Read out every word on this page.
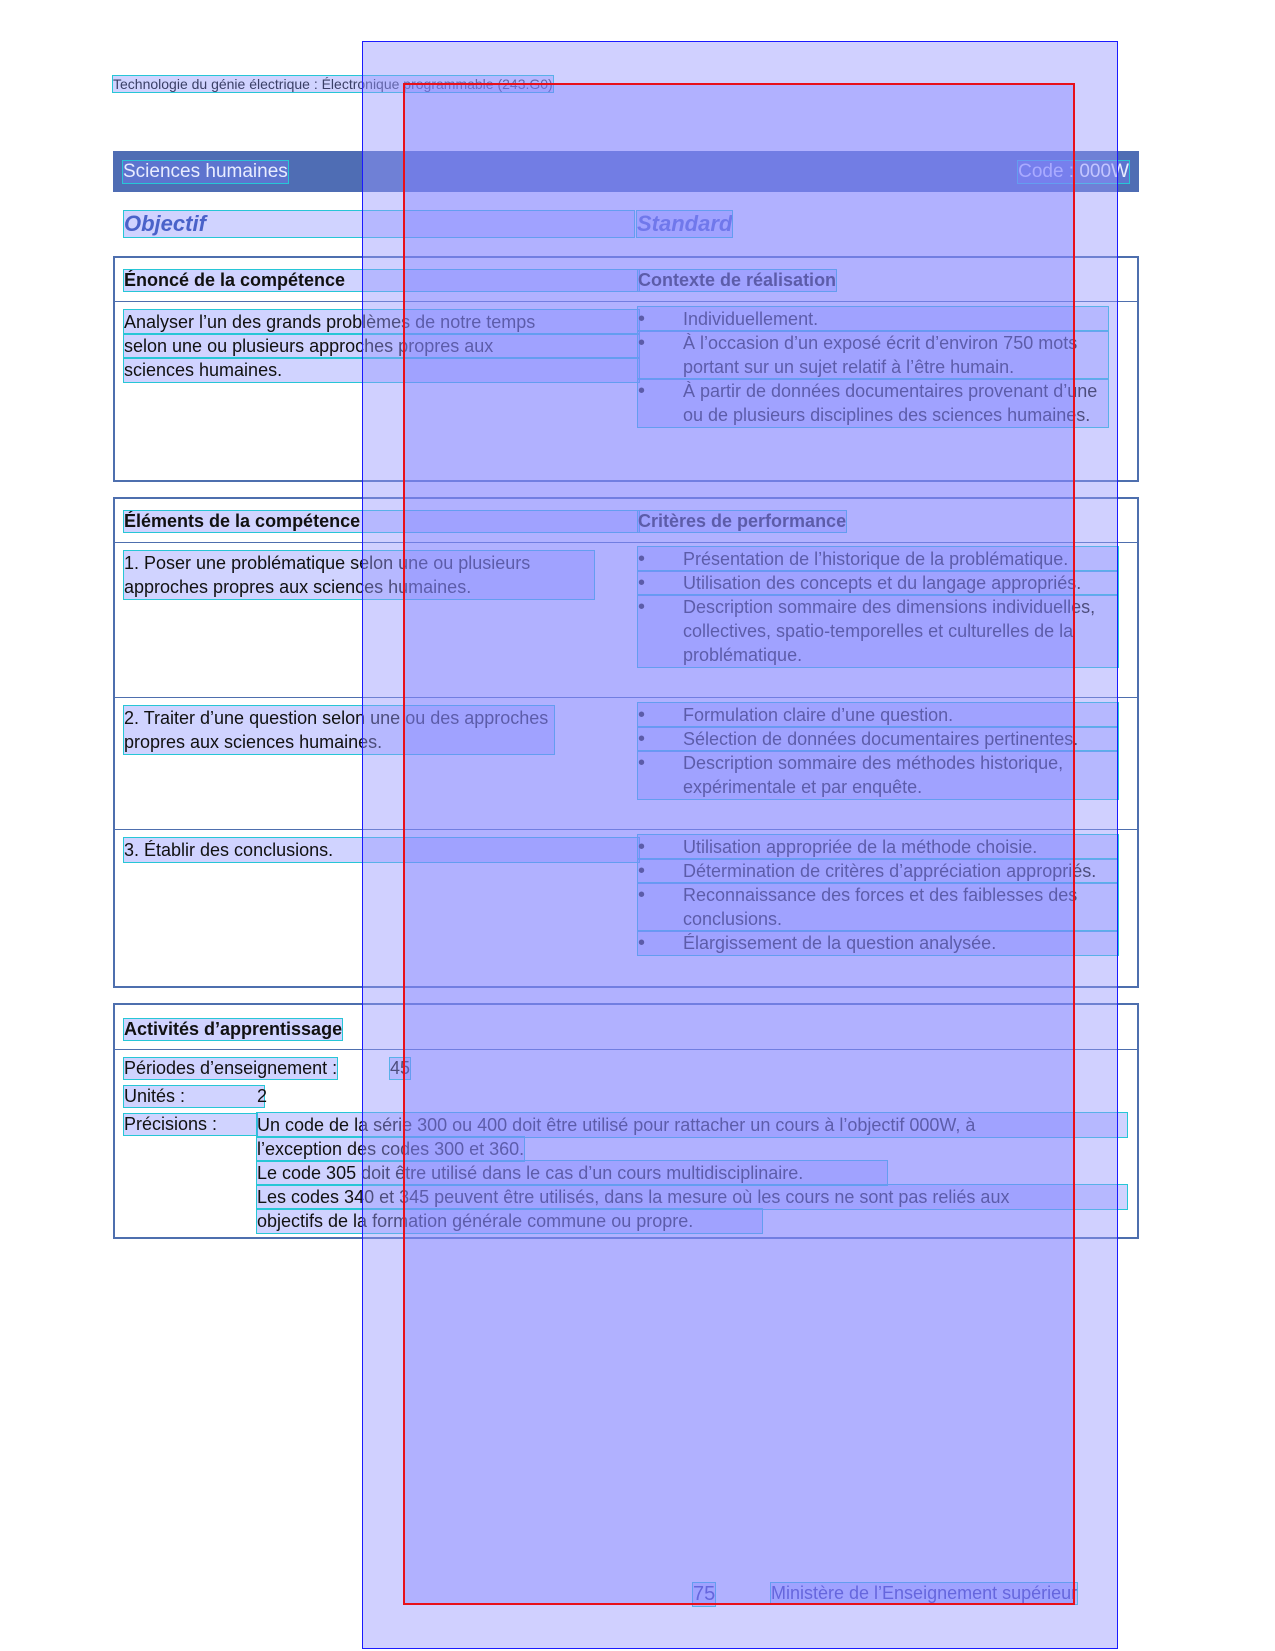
Technologie du génie électrique : Électronique programmable (243.G0)
Sciences humaines	Code : 000W
Objectif	Standard
Énoncé de la compétence	Contexte de réalisation
Analyser l’un des grands problèmes de notre temps
selon une ou plusieurs approches propres aux
sciences humaines.
• Individuellement.
• À l’occasion d’un exposé écrit d’environ 750 mots portant sur un sujet relatif à l’être humain.
• À partir de données documentaires provenant d’une ou de plusieurs disciplines des sciences humaines.
Éléments de la compétence	Critères de performance
1. Poser une problématique selon une ou plusieurs approches propres aux sciences humaines.
• Présentation de l’historique de la problématique.
• Utilisation des concepts et du langage appropriés.
• Description sommaire des dimensions individuelles, collectives, spatio-temporelles et culturelles de la problématique.
2. Traiter d’une question selon une ou des approches propres aux sciences humaines.
• Formulation claire d’une question.
• Sélection de données documentaires pertinentes.
• Description sommaire des méthodes historique, expérimentale et par enquête.
3. Établir des conclusions.
•	Utilisation appropriée de la méthode choisie.
• Détermination de critères d’appréciation appropriés.
• Reconnaissance des forces et des faiblesses des conclusions.
• Élargissement de la question analysée.
Activités d’apprentissage
Périodes d’enseignement :	45
Unités :	2
Précisions :	Un code de la série 300 ou 400 doit être utilisé pour rattacher un cours à l’objectif 000W, à
l’exception des codes 300 et 360.
Le code 305 doit être utilisé dans le cas d’un cours multidisciplinaire.
Les codes 340 et 345 peuvent être utilisés, dans la mesure où les cours ne sont pas reliés aux
objectifs de la formation générale commune ou propre.
75	Ministère de l’Enseignement supérieur
